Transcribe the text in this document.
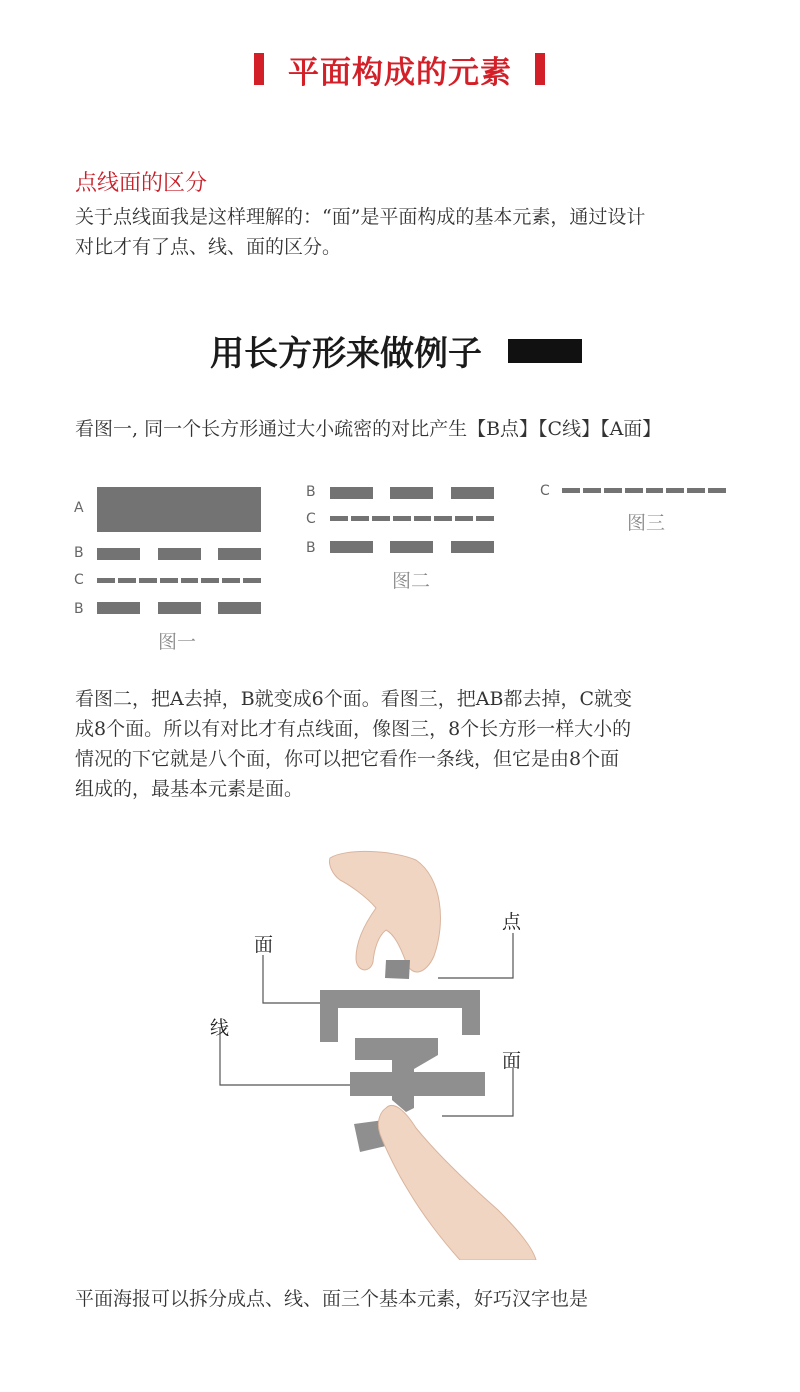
平面构成的元素
点线面的区分
关于点线面我是这样理解的：“面”是平面构成的基本元素，通过设计
对比才有了点、线、面的区分。
用长方形来做例子
看图一, 同一个长方形通过大小疏密的对比产生【B点】【C线】【A面】
A
B
C
B
图一
B
C
B
图二
C
图三
看图二，把A去掉，B就变成6个面。看图三，把AB都去掉，C就变
成8个面。所以有对比才有点线面，像图三，8个长方形一样大小的
情况的下它就是八个面，你可以把它看作一条线，但它是由8个面
组成的，最基本元素是面。
面
点
线
面
平面海报可以拆分成点、线、面三个基本元素，好巧汉字也是
